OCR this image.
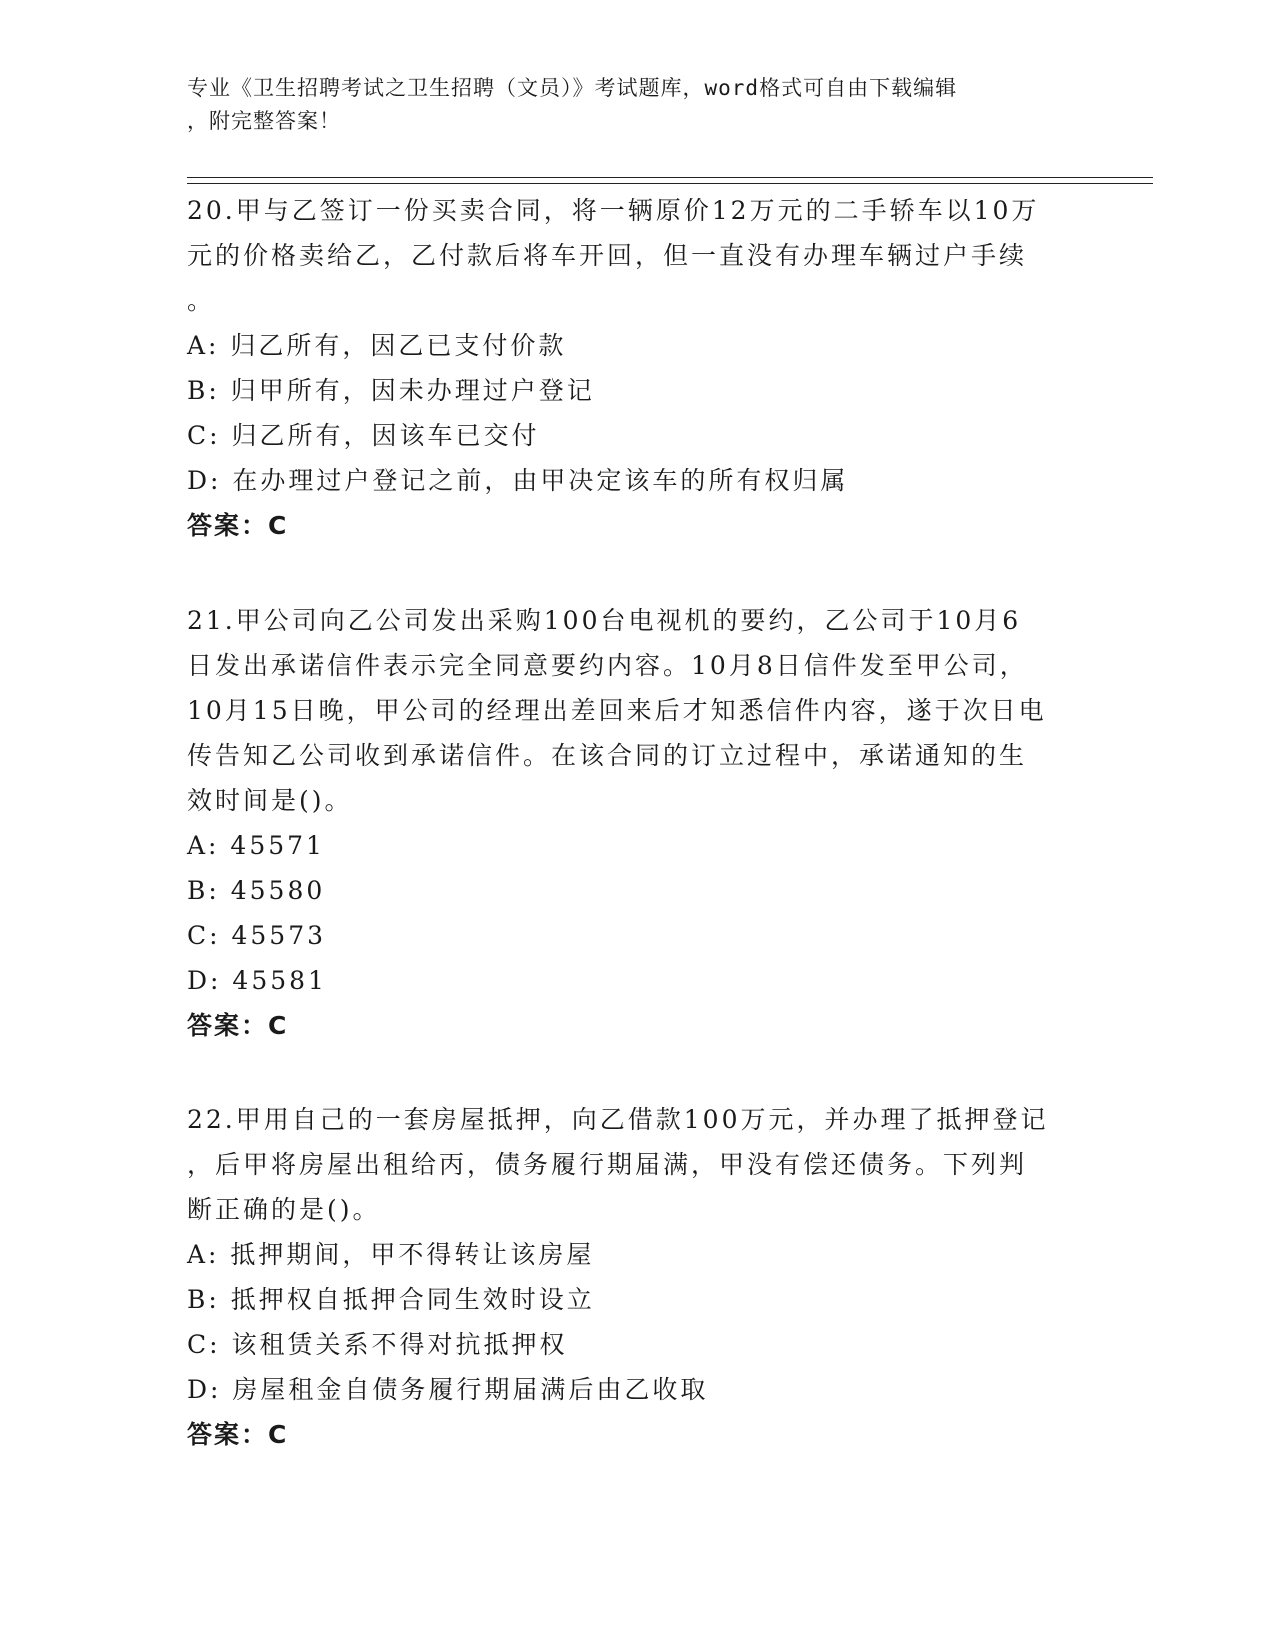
专业《卫生招聘考试之卫生招聘（文员）》考试题库，word格式可自由下载编辑
，附完整答案！
20.甲与乙签订一份买卖合同，将一辆原价12万元的二手轿车以10万
元的价格卖给乙，乙付款后将车开回，但一直没有办理车辆过户手续
。
A: 归乙所有，因乙已支付价款
B: 归甲所有，因未办理过户登记
C: 归乙所有，因该车已交付
D: 在办理过户登记之前，由甲决定该车的所有权归属
答案：C
21.甲公司向乙公司发出采购100台电视机的要约，乙公司于10月6
日发出承诺信件表示完全同意要约内容。10月8日信件发至甲公司，
10月15日晚，甲公司的经理出差回来后才知悉信件内容，遂于次日电
传告知乙公司收到承诺信件。在该合同的订立过程中，承诺通知的生
效时间是()。
A: 45571
B: 45580
C: 45573
D: 45581
答案：C
22.甲用自己的一套房屋抵押，向乙借款100万元，并办理了抵押登记
，后甲将房屋出租给丙，债务履行期届满，甲没有偿还债务。下列判
断正确的是()。
A: 抵押期间，甲不得转让该房屋
B: 抵押权自抵押合同生效时设立
C: 该租赁关系不得对抗抵押权
D: 房屋租金自债务履行期届满后由乙收取
答案：C
